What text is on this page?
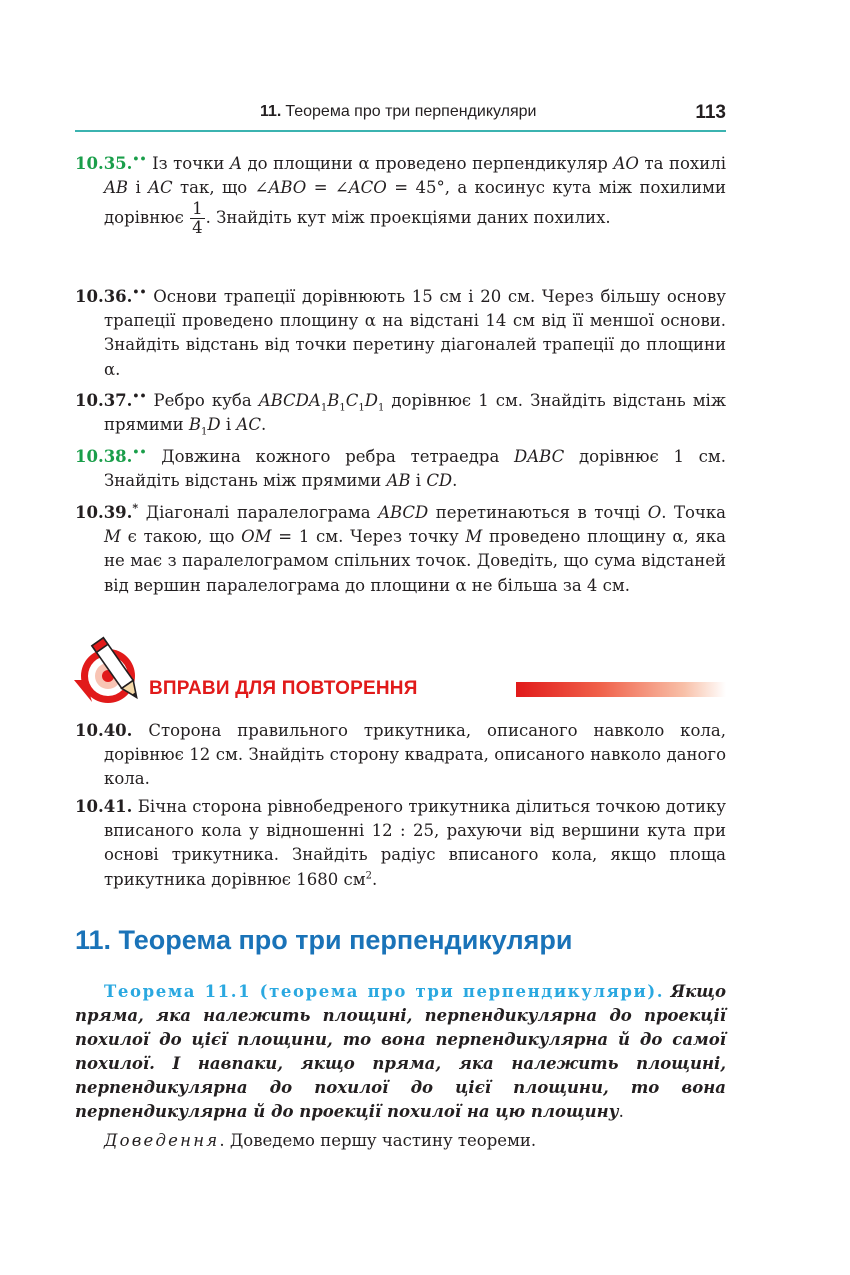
11. Теорема про три перпендикуляри	113
10.35.•• Із точки A до площини α проведено перпендикуляр AO та похилі AB і AC так, що ∠ABO = ∠ACO = 45°, а косинус кута між похилими дорівнює $\frac{1}{4}$ . Знайдіть кут між проекціями даних похилих.
10.36.•• Основи трапеції дорівнюють 15 см і 20 см. Через більшу основу трапеції проведено площину α на відстані 14 см від її меншої основи. Знайдіть відстань від точки перетину діагоналей трапеції до площини α.
10.37.•• Ребро куба $ABCDA_1B_1C_1D_1$ дорівнює 1 см. Знайдіть відстань між прямими $B_1D$ і AC.
10.38.•• Довжина кожного ребра тетраедра DABC дорівнює 1 см. Знайдіть відстань між прямими AB і CD.
10.39.* Діагоналі паралелограма ABCD перетинаються в точці O. Точка M є такою, що OM = 1 см. Через точку M проведено площину α, яка не має з паралелограмом спільних точок. Доведіть, що сума відстаней від вершин паралелограма до площини α не більша за 4 см.
ВПРАВИ ДЛЯ ПОВТОРЕННЯ
10.40. Сторона правильного трикутника, описаного навколо кола, дорівнює 12 см. Знайдіть сторону квадрата, описаного навколо даного кола.
10.41. Бічна сторона рівнобедреного трикутника ділиться точкою дотику вписаного кола у відношенні 12 : 25, рахуючи від вершини кута при основі трикутника. Знайдіть радіус вписаного кола, якщо площа трикутника дорівнює 1680 $см^2$.
11. Теорема про три перпендикуляри
Теорема 11.1 (теорема про три перпендикуляри). Якщо пряма, яка належить площині, перпендикулярна до проекції похилої до цієї площини, то вона перпендикулярна й до самої похилої. І навпаки, якщо пряма, яка належить площині, перпендикулярна до похилої до цієї площини, то вона перпендикулярна й до проекції похилої на цю площину.
Доведення. Доведемо першу частину теореми.
